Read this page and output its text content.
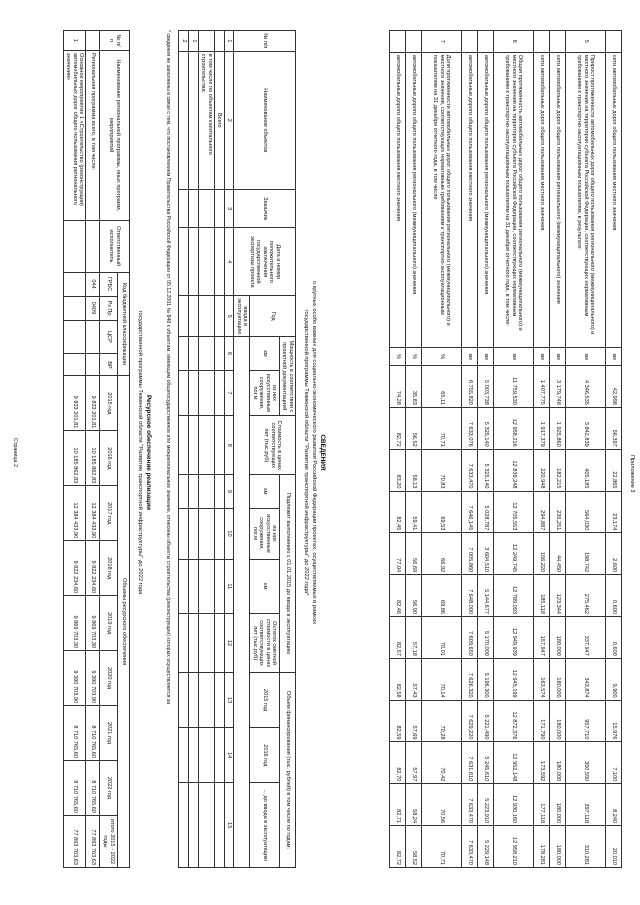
Приложение 3
	сети автомобильных дорог общего пользования местного значения	км	42,998	56,397	22,865	23,174	2,600	0,600	0,600	9,900	15,976	7,100	8,240	20,010
5	Прирост протяженности автомобильных дорог общего пользования регионального (межмуниципального) и местного значения на территории субъекта Российской Федерации, соответствующих нормативным требованиям к транспортно-эксплуатационным показателям, в результате:	км	4 346,535	3 842,839	405,185	564,030	198,742	275,462	337,947	343,874	957,710	350,550	397,118	310,281
	сети автомобильных дорог общего пользования регионального (межмуниципального) значения	км	3 179,748	1 925,860	182,215	235,251	44,450	123,344	180,000	180,000	180,000	180,000	180,000	180,000
	сети автомобильных дорог общего пользования местного значения	км	1 407,775	1 917,379	220,948	294,887	156,220	185,118	157,947	163,574	171,790	173,592	177,118	178,281
6	Общая протяженность автомобильных дорог общего пользования регионального (межмуниципального) и местного значения на территории субъекта Российской Федерации, соответствующих нормативным требованиям к транспортно-эксплуатационным показателям на 31 декабря отчетного года, в том числе:	км	11 759,530	12 958,216	12 839,248	12 705,553	12 249,745	12 789,093	12 949,939	12 945,199	12 872,376	12 952,148	12 930,160	12 958,210
	автомобильные дороги общего пользования регионального (межмуниципального) значения	км	5 003,738	5 325,140	5 325,140	5 028,787	3 604,510	5 144,677	5 170,000	5 196,300	5 221,490	5 245,610	5 223,910	5 229,148
	автомобильные дороги общего пользования местного значения	км	6 755,820	7 633,076	7 633,470	7 646,145	7 005,860	7 648,000	7 609,650	7 626,320	7 629,220	7 631,610	7 633,470	7 633,470
7	Доля протяженности автомобильных дорог общего пользования регионального (межмуниципального) и местного значения, соответствующих нормативным требованиям к транспортно-эксплуатационным показателям на 31 декабря отчетного года, в том числе	%	65,11	70,71	70,83	69,53	66,92	69,86	70,01	70,14	70,28	70,42	70,56	70,71
	автомобильные дороги общего пользования регионального (межмуниципального) значения	%	35,83	56,52	58,13	59,41	56,69	56,90	57,18	57,43	57,69	57,97	58,24	58,52
	автомобильные дороги общего пользования местного значения	%	74,28	82,72	83,20	82,45	77,04	82,46	82,57	82,58	82,59	82,70	82,71	82,72
СВЕДЕНИЯ
о кругных особо важных для социально-экономического развития Российской Федерации проектах, осуществляемых в рамках
государственной программы Тюменской области "Развитие транспортной инфраструктуры" до 2022 года*
№ п/п	Наименование объектов	Заказчик	Дата и номер положительного заключения государственной экспертизы проекта	Год	Мощность в соответствии с проектной документацией		Стоимость в ценах соответствующих лет (тыс.руб)	Подлежит выполнению с 01.01.2015 до ввода в эксплуатацию				Объем финансирования (тыс. рублей) в том числе по годам:		
					км	из них искусственные сооружения, пог.м		км	из них искусственные сооружения, пог.м	км	Остаток сметной стоимости в ценах соответствующих лет (тыс.руб)	2015 год	2016 год	... до ввода в эксплуатацию
				ввода в эксплуатацию										
1	2	3	4	5	6	7	8	9	10	11	12	13	14	15
	Всего													
	в том числе по объектам капитального строительства:													
1														
2														
* сведения не заполнены в связи с тем, что постановлением Правительства Российской Федерации от 05.12.2001 № 848 к объектам, имеющим общегосударственное или межрегиональное значение, отнесены объекты строительства (реконструкции) которых осуществляется за
Ресурсное обеспечение реализации
государственной программы Тюменской области "Развитие транспортной инфраструктуры" до 2022 года
№ п/п	Наименование региональной программы, иных программ, мероприятий	Ответственный исполнитель	Код бюджетной классификации				Объемы ресурсного обеспечения								
			ГРБС	Рз Пр	ЦСР	ВР	2015 год	2016 год	2017 год	2018 год	2019 год	2020 год	2021 год	2022 год	итого 2015 - 2022 годы
	Региональная программа всего, в том числе:		044	0409			9 833 201,81	10 185 862,83	12 384 433,90	9 822 234,60	9 869 703,30	9 390 703,90	8 710 765,60	8 710 765,60	77 893 763,63
1	Основное мероприятие 1 «Строительство (реконструкция) автомобильных дорог общего пользования регионального значения»						9 833 201,81	10 185 862,83	12 384 433,90	9 822 234,60	9 869 703,30	9 390 703,90	8 710 765,60	8 710 765,60	77 893 763,63
Страница 2
